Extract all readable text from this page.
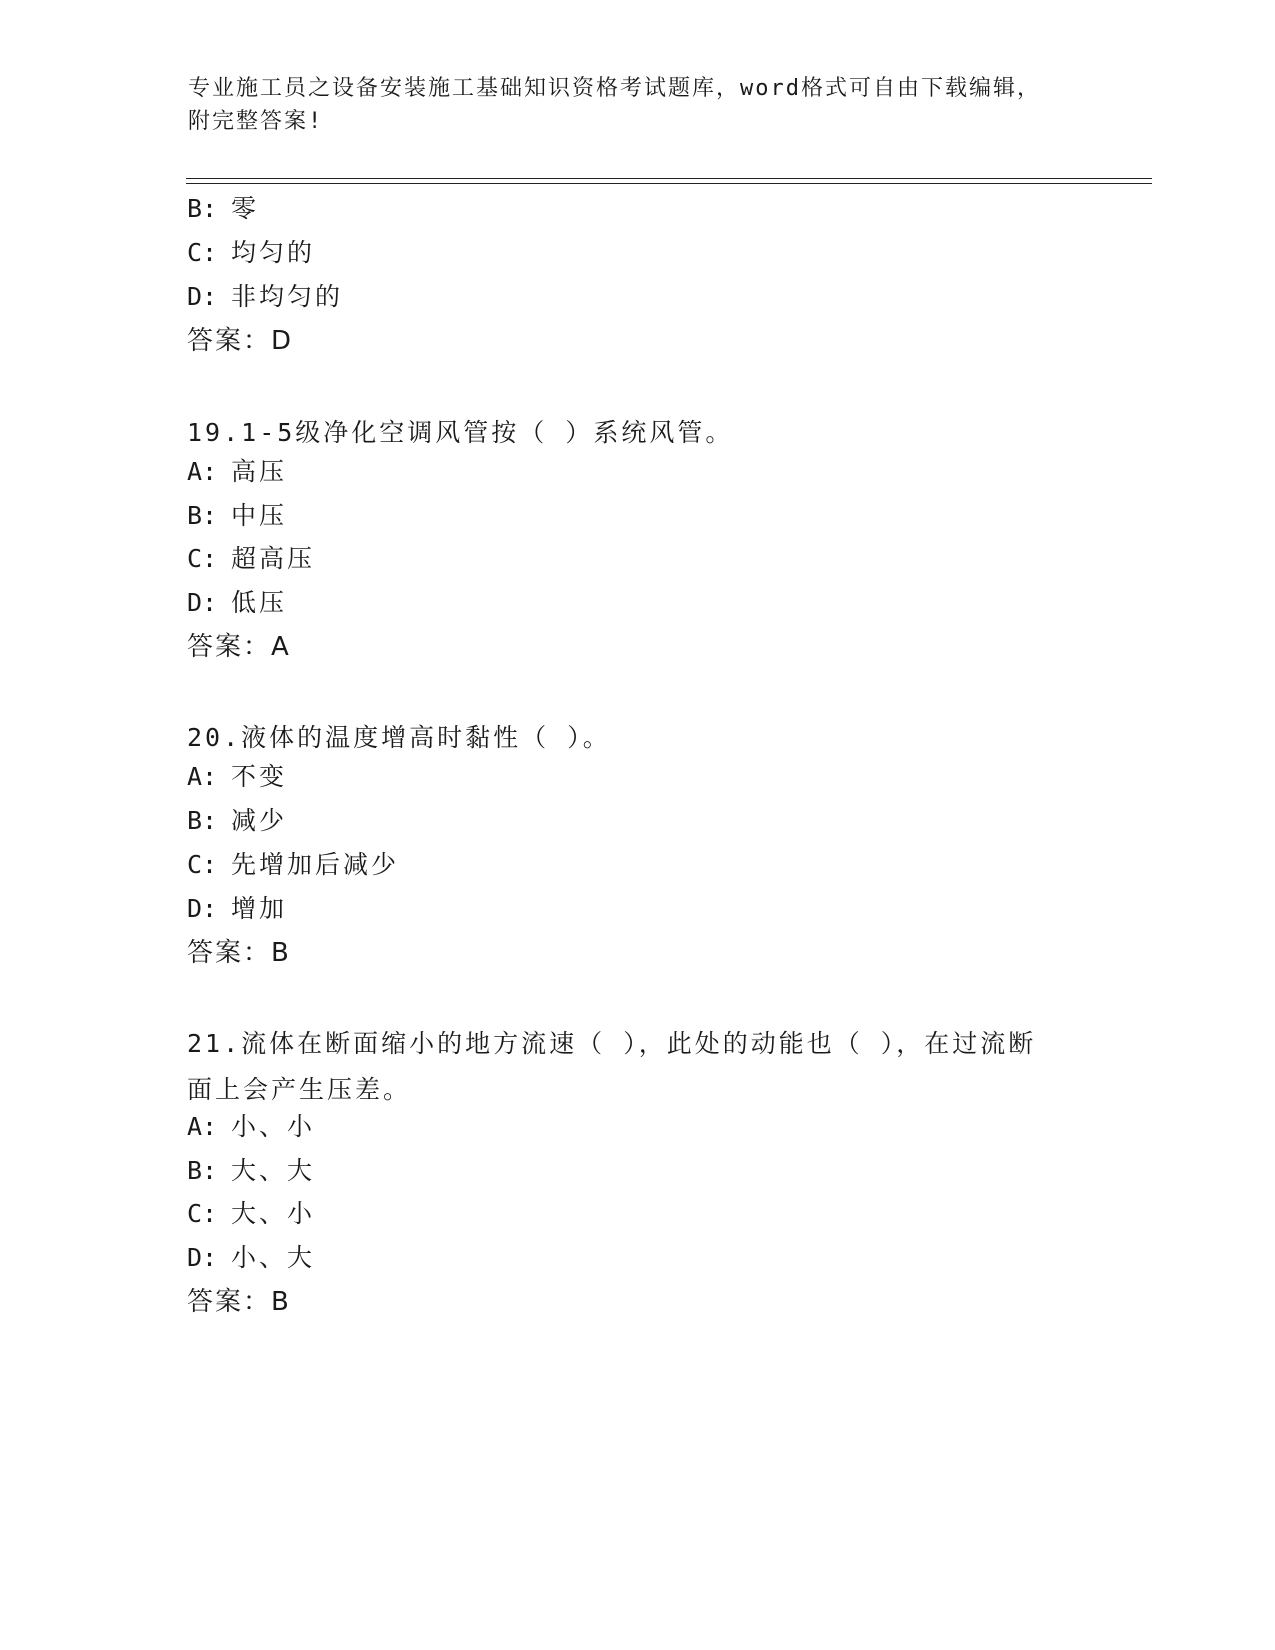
专业施工员之设备安装施工基础知识资格考试题库，word格式可自由下载编辑，
附完整答案!
B: 零
C: 均匀的
D: 非均匀的
答案：D
19.1-5级净化空调风管按（ ）系统风管。
A: 高压
B: 中压
C: 超高压
D: 低压
答案：A
20.液体的温度增高时黏性（ ）。
A: 不变
B: 减少
C: 先增加后减少
D: 增加
答案：B
21.流体在断面缩小的地方流速（ ），此处的动能也（ ），在过流断
面上会产生压差。
A: 小、小
B: 大、大
C: 大、小
D: 小、大
答案：B
